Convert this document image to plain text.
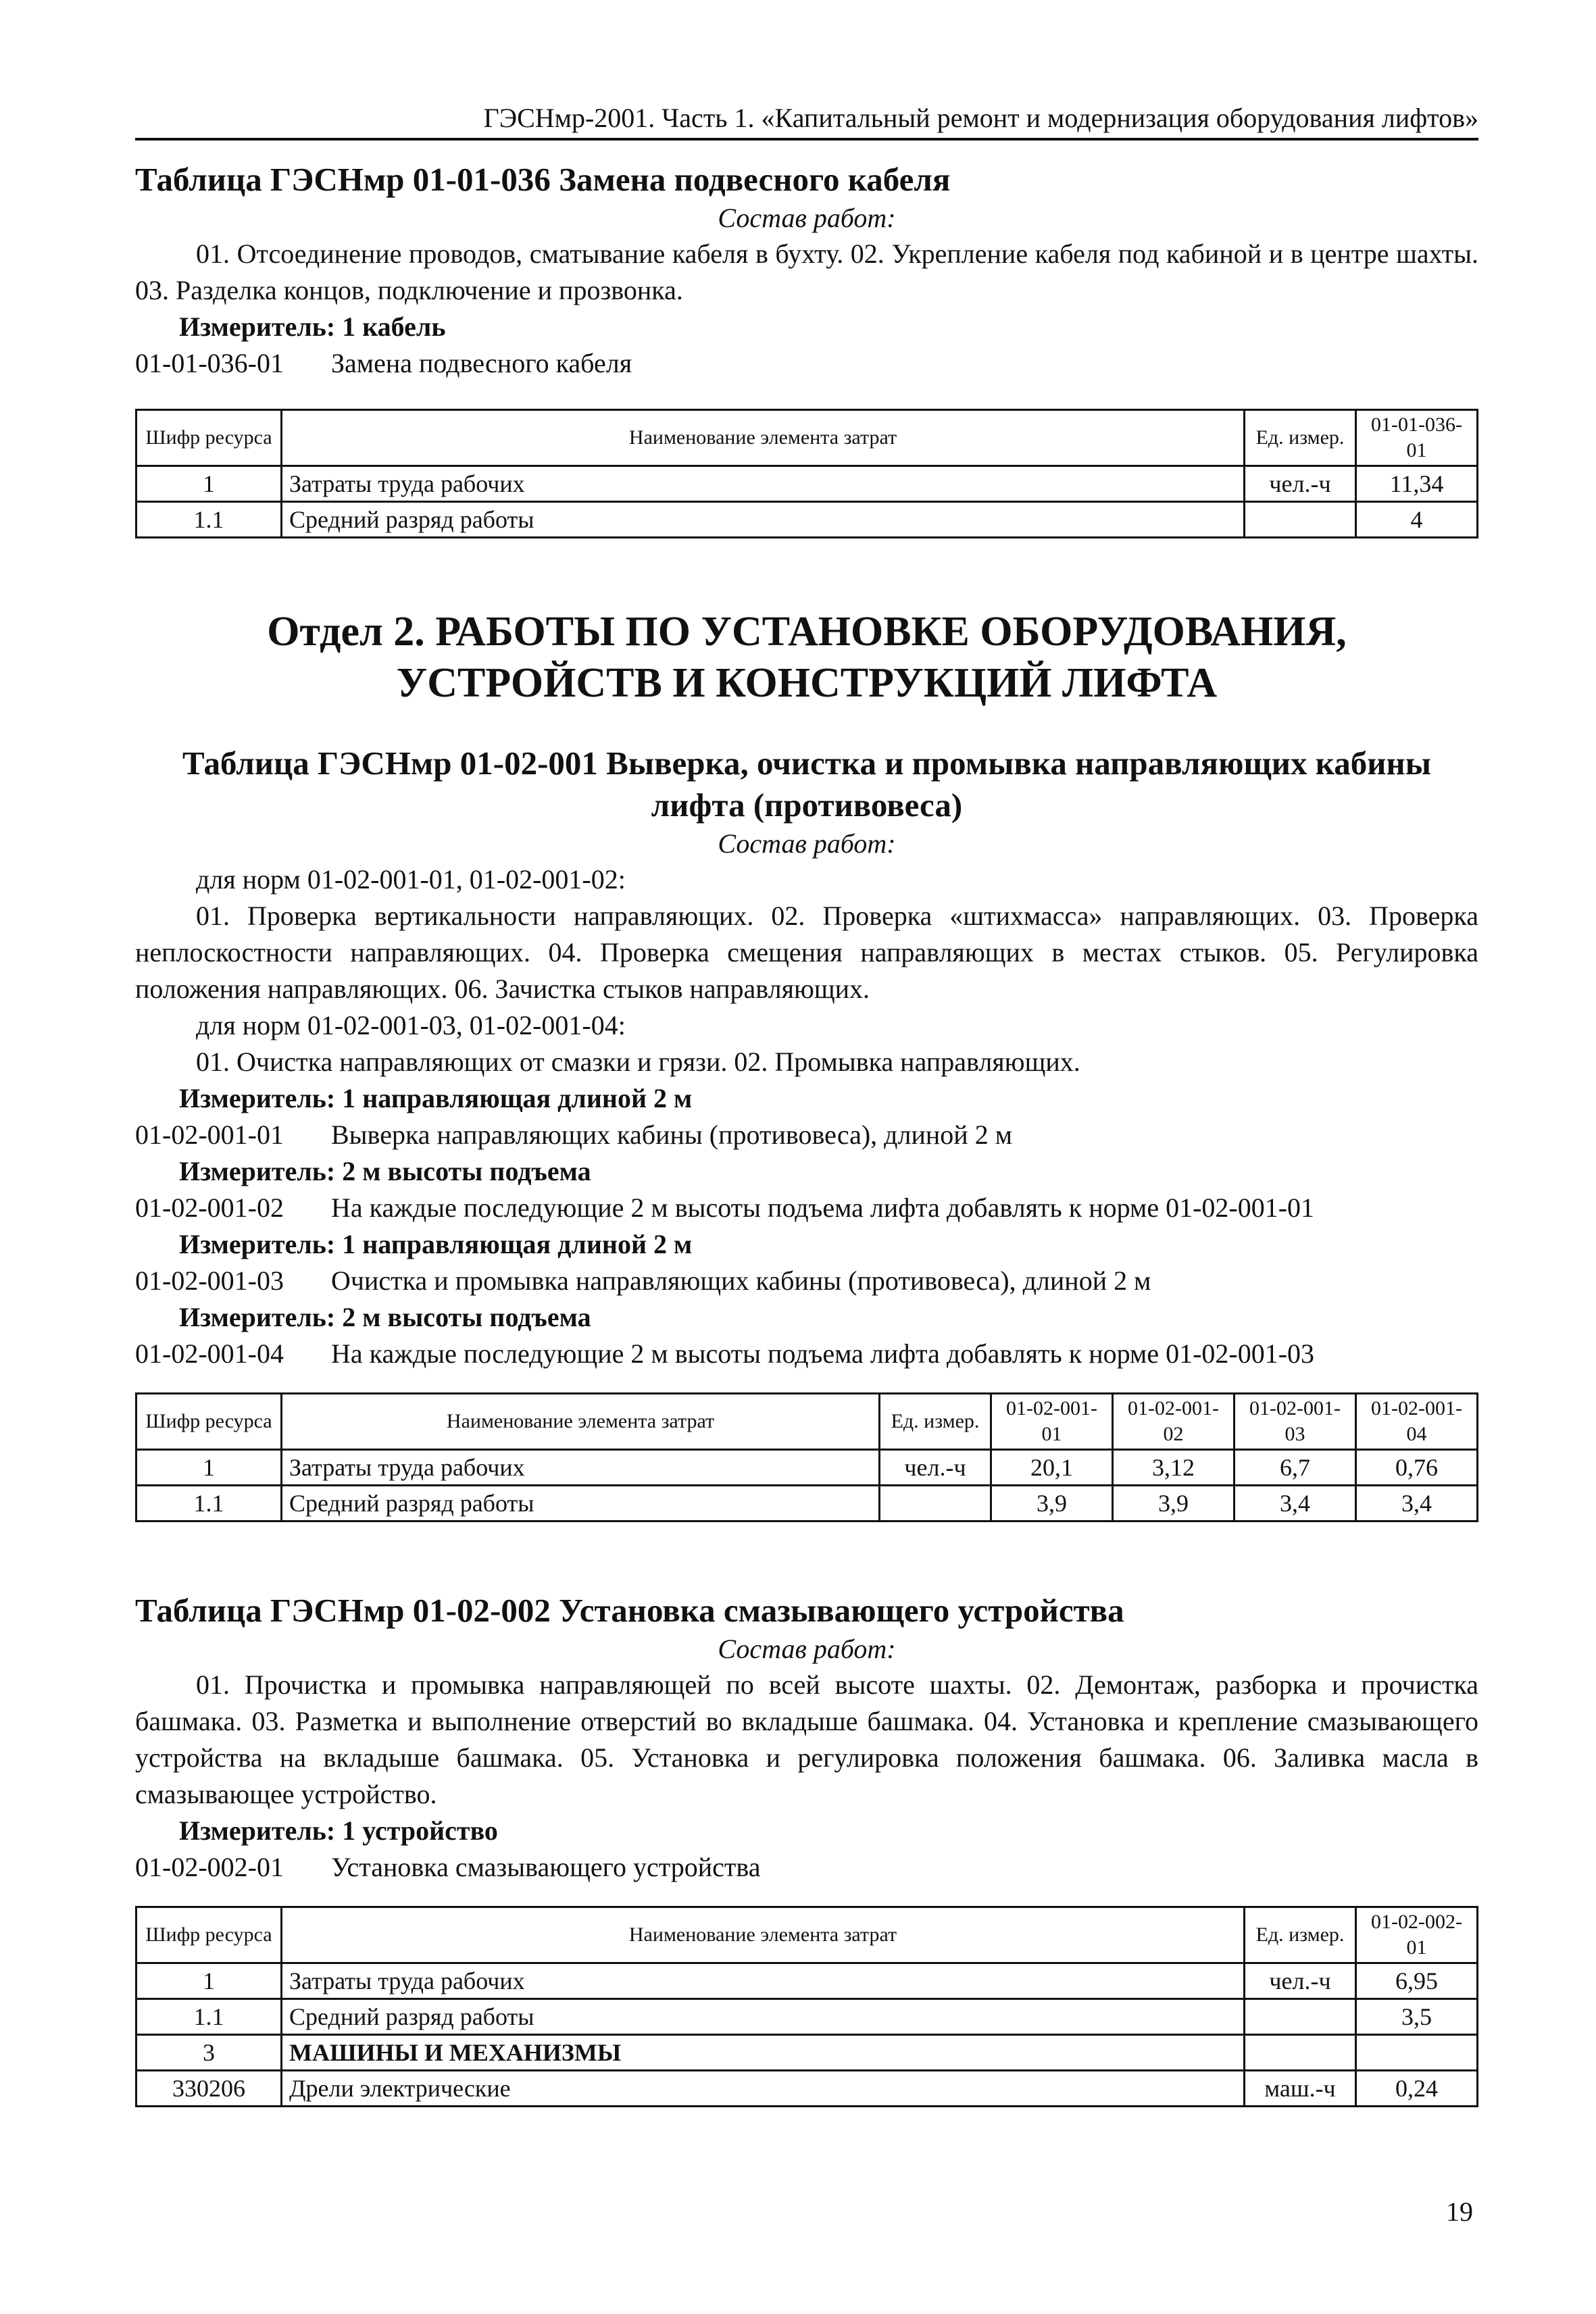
ГЭСНмр-2001. Часть 1. «Капитальный ремонт и модернизация оборудования лифтов»
Таблица ГЭСНмр 01-01-036 Замена подвесного кабеля
Состав работ:

01. Отсоединение проводов, сматывание кабеля в бухту. 02. Укрепление кабеля под кабиной и в центре шахты. 03. Разделка концов, подключение и прозвонка.

Измеритель: 1 кабель
01-01-036-01 Замена подвесного кабеля
Шифр ресурса	Наименование элемента затрат	Ед. измер.	01-01-036-01
1	Затраты труда рабочих	чел.-ч	11,34
1.1	Средний разряд работы		4
Отдел 2. РАБОТЫ ПО УСТАНОВКЕ ОБОРУДОВАНИЯ, УСТРОЙСТВ И КОНСТРУКЦИЙ ЛИФТА
Таблица ГЭСНмр 01-02-001 Выверка, очистка и промывка направляющих кабины лифта (противовеса)
Состав работ:
для норм 01-02-001-01, 01-02-001-02:

01. Проверка вертикальности направляющих. 02. Проверка «штихмасса» направляющих. 03. Проверка неплоскостности направляющих. 04. Проверка смещения направляющих в местах стыков. 05. Регулировка положения направляющих. 06. Зачистка стыков направляющих.

для норм 01-02-001-03, 01-02-001-04:

01. Очистка направляющих от смазки и грязи. 02. Промывка направляющих.

Измеритель: 1 направляющая длиной 2 м
01-02-001-01 Выверка направляющих кабины (противовеса), длиной 2 м
Измеритель: 2 м высоты подъема
01-02-001-02 На каждые последующие 2 м высоты подъема лифта добавлять к норме 01-02-001-01
Измеритель: 1 направляющая длиной 2 м
01-02-001-03 Очистка и промывка направляющих кабины (противовеса), длиной 2 м
Измеритель: 2 м высоты подъема
01-02-001-04 На каждые последующие 2 м высоты подъема лифта добавлять к норме 01-02-001-03
Шифр ресурса	Наименование элемента затрат	Ед. измер.	01-02-001-01	01-02-001-02	01-02-001-03	01-02-001-04
1	Затраты труда рабочих	чел.-ч	20,1	3,12	6,7	0,76
1.1	Средний разряд работы		3,9	3,9	3,4	3,4
Таблица ГЭСНмр 01-02-002 Установка смазывающего устройства
Состав работ:

01. Прочистка и промывка направляющей по всей высоте шахты. 02. Демонтаж, разборка и прочистка башмака. 03. Разметка и выполнение отверстий во вкладыше башмака. 04. Установка и крепление смазывающего устройства на вкладыше башмака. 05. Установка и регулировка положения башмака. 06. Заливка масла в смазывающее устройство.

Измеритель: 1 устройство
01-02-002-01 Установка смазывающего устройства
Шифр ресурса	Наименование элемента затрат	Ед. измер.	01-02-002-01
1	Затраты труда рабочих	чел.-ч	6,95
1.1	Средний разряд работы		3,5
3	МАШИНЫ И МЕХАНИЗМЫ		
330206	Дрели электрические	маш.-ч	0,24
19
